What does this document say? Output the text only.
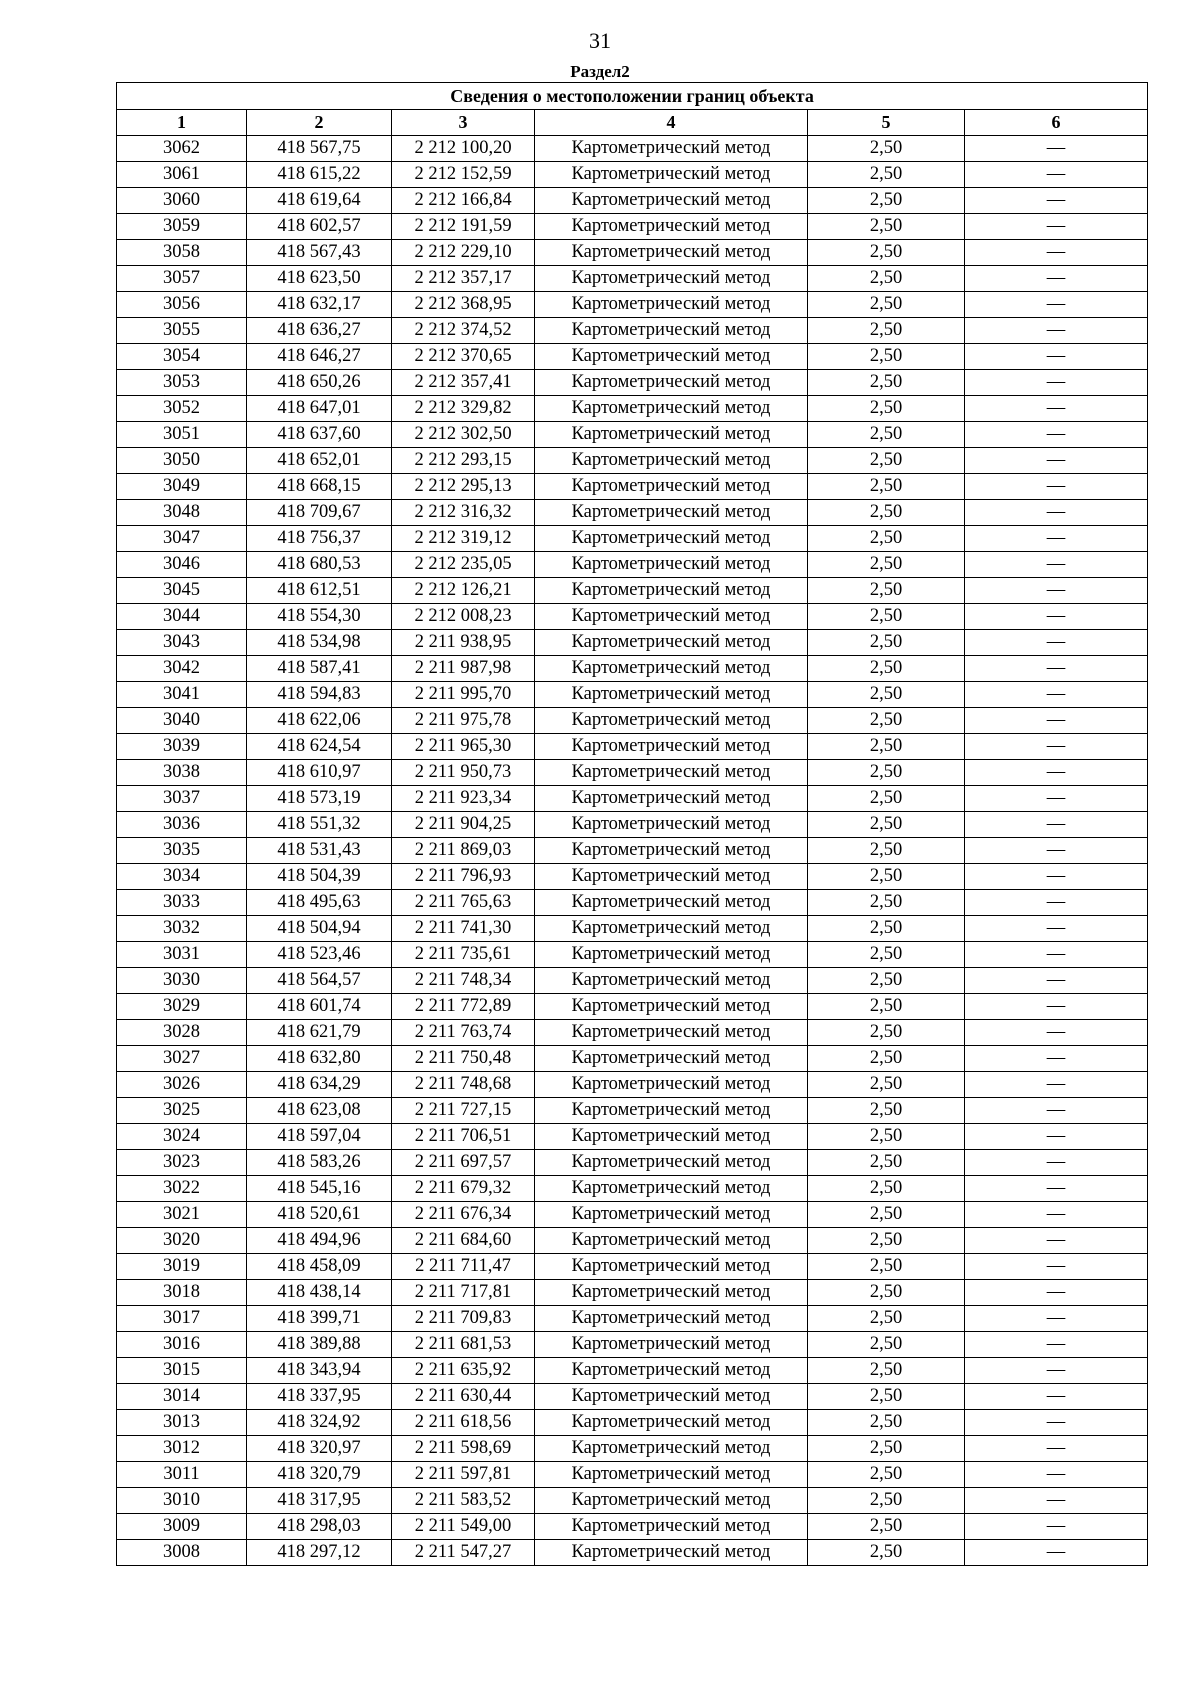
31
Раздел2
Сведения о местоположении границ объекта					
1	2	3	4	5	6
3062	418 567,75	2 212 100,20	Картометрический метод	2,50	—
3061	418 615,22	2 212 152,59	Картометрический метод	2,50	—
3060	418 619,64	2 212 166,84	Картометрический метод	2,50	—
3059	418 602,57	2 212 191,59	Картометрический метод	2,50	—
3058	418 567,43	2 212 229,10	Картометрический метод	2,50	—
3057	418 623,50	2 212 357,17	Картометрический метод	2,50	—
3056	418 632,17	2 212 368,95	Картометрический метод	2,50	—
3055	418 636,27	2 212 374,52	Картометрический метод	2,50	—
3054	418 646,27	2 212 370,65	Картометрический метод	2,50	—
3053	418 650,26	2 212 357,41	Картометрический метод	2,50	—
3052	418 647,01	2 212 329,82	Картометрический метод	2,50	—
3051	418 637,60	2 212 302,50	Картометрический метод	2,50	—
3050	418 652,01	2 212 293,15	Картометрический метод	2,50	—
3049	418 668,15	2 212 295,13	Картометрический метод	2,50	—
3048	418 709,67	2 212 316,32	Картометрический метод	2,50	—
3047	418 756,37	2 212 319,12	Картометрический метод	2,50	—
3046	418 680,53	2 212 235,05	Картометрический метод	2,50	—
3045	418 612,51	2 212 126,21	Картометрический метод	2,50	—
3044	418 554,30	2 212 008,23	Картометрический метод	2,50	—
3043	418 534,98	2 211 938,95	Картометрический метод	2,50	—
3042	418 587,41	2 211 987,98	Картометрический метод	2,50	—
3041	418 594,83	2 211 995,70	Картометрический метод	2,50	—
3040	418 622,06	2 211 975,78	Картометрический метод	2,50	—
3039	418 624,54	2 211 965,30	Картометрический метод	2,50	—
3038	418 610,97	2 211 950,73	Картометрический метод	2,50	—
3037	418 573,19	2 211 923,34	Картометрический метод	2,50	—
3036	418 551,32	2 211 904,25	Картометрический метод	2,50	—
3035	418 531,43	2 211 869,03	Картометрический метод	2,50	—
3034	418 504,39	2 211 796,93	Картометрический метод	2,50	—
3033	418 495,63	2 211 765,63	Картометрический метод	2,50	—
3032	418 504,94	2 211 741,30	Картометрический метод	2,50	—
3031	418 523,46	2 211 735,61	Картометрический метод	2,50	—
3030	418 564,57	2 211 748,34	Картометрический метод	2,50	—
3029	418 601,74	2 211 772,89	Картометрический метод	2,50	—
3028	418 621,79	2 211 763,74	Картометрический метод	2,50	—
3027	418 632,80	2 211 750,48	Картометрический метод	2,50	—
3026	418 634,29	2 211 748,68	Картометрический метод	2,50	—
3025	418 623,08	2 211 727,15	Картометрический метод	2,50	—
3024	418 597,04	2 211 706,51	Картометрический метод	2,50	—
3023	418 583,26	2 211 697,57	Картометрический метод	2,50	—
3022	418 545,16	2 211 679,32	Картометрический метод	2,50	—
3021	418 520,61	2 211 676,34	Картометрический метод	2,50	—
3020	418 494,96	2 211 684,60	Картометрический метод	2,50	—
3019	418 458,09	2 211 711,47	Картометрический метод	2,50	—
3018	418 438,14	2 211 717,81	Картометрический метод	2,50	—
3017	418 399,71	2 211 709,83	Картометрический метод	2,50	—
3016	418 389,88	2 211 681,53	Картометрический метод	2,50	—
3015	418 343,94	2 211 635,92	Картометрический метод	2,50	—
3014	418 337,95	2 211 630,44	Картометрический метод	2,50	—
3013	418 324,92	2 211 618,56	Картометрический метод	2,50	—
3012	418 320,97	2 211 598,69	Картометрический метод	2,50	—
3011	418 320,79	2 211 597,81	Картометрический метод	2,50	—
3010	418 317,95	2 211 583,52	Картометрический метод	2,50	—
3009	418 298,03	2 211 549,00	Картометрический метод	2,50	—
3008	418 297,12	2 211 547,27	Картометрический метод	2,50	—
